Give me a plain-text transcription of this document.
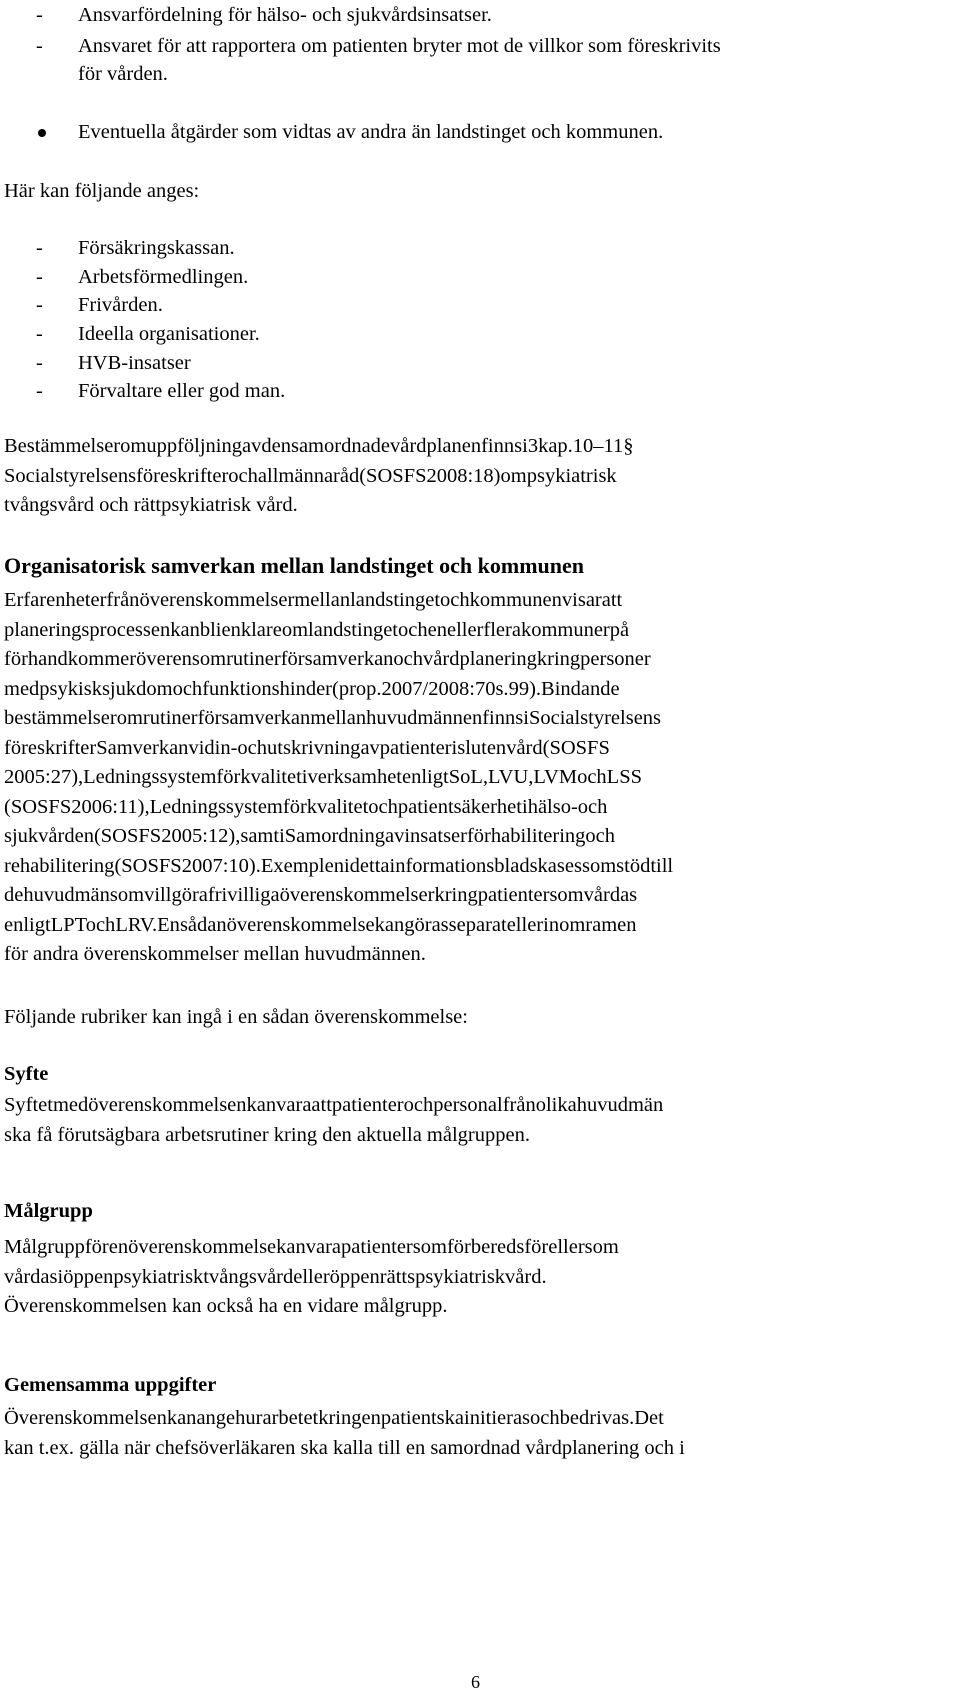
- Ansvarfördelning för hälso- och sjukvårdsinsatser.
- Ansvaret för att rapportera om patienten bryter mot de villkor som föreskrivits
för vården.
Eventuella åtgärder som vidtas av andra än landstinget och kommunen.
Här kan följande anges:
- Försäkringskassan.
- Arbetsförmedlingen.
- Frivården.
- Ideella organisationer.
- HVB-insatser
- Förvaltare eller god man.
Bestämmelseromuppföljningavdensamordnadevårdplanenfinnsi3kap.10–11§
Socialstyrelsensföreskrifterochallmännaråd(SOSFS2008:18)ompsykiatrisk
tvångsvård och rättpsykiatrisk vård.
Organisatorisk samverkan mellan landstinget och kommunen
Erfarenheterfrånöverenskommelsermellanlandstingetochkommunenvisaratt
planeringsprocessenkanblienklareomlandstingetochenellerflerakommunerpå
förhandkommeröverensomrutinerförsamverkanochvårdplaneringkringpersoner
medpsykisksjukdomochfunktionshinder(prop.2007/2008:70s.99).Bindande
bestämmelseromrutinerförsamverkanmellanhuvudmännenfinnsiSocialstyrelsens
föreskrifterSamverkanvidin-ochutskrivningavpatienterislutenvård(SOSFS
2005:27),LedningssystemförkvalitetiverksamhetenligtSoL,LVU,LVMochLSS
(SOSFS2006:11),Ledningssystemförkvalitetochpatientsäkerhetihälso-och
sjukvården(SOSFS2005:12),samtiSamordningavinsatserförhabiliteringoch
rehabilitering(SOSFS2007:10).Exemplenidettainformationsbladskasessomstödtill
dehuvudmänsomvillgörafrivilligaöverenskommelserkringpatientersomvårdas
enligtLPTochLRV.Ensådanöverenskommelsekangörasseparatellerinomramen
för andra överenskommelser mellan huvudmännen.
Följande rubriker kan ingå i en sådan överenskommelse:
Syfte
Syftetmedöverenskommelsenkanvaraattpatienterochpersonalfrånolikahuvudmän
ska få förutsägbara arbetsrutiner kring den aktuella målgruppen.
Målgrupp
Målgruppförenöverenskommelsekanvarapatientersomförberedsförellersom
vårdasiöppenpsykiatrisktvångsvårdelleröppenrättspsykiatriskvård.
Överenskommelsen kan också ha en vidare målgrupp.
Gemensamma uppgifter
Överenskommelsenkanangehurarbetetkringenpatientskainitierasochbedrivas.Det
kan t.ex. gälla när chefsöverläkaren ska kalla till en samordnad vårdplanering och i
6
